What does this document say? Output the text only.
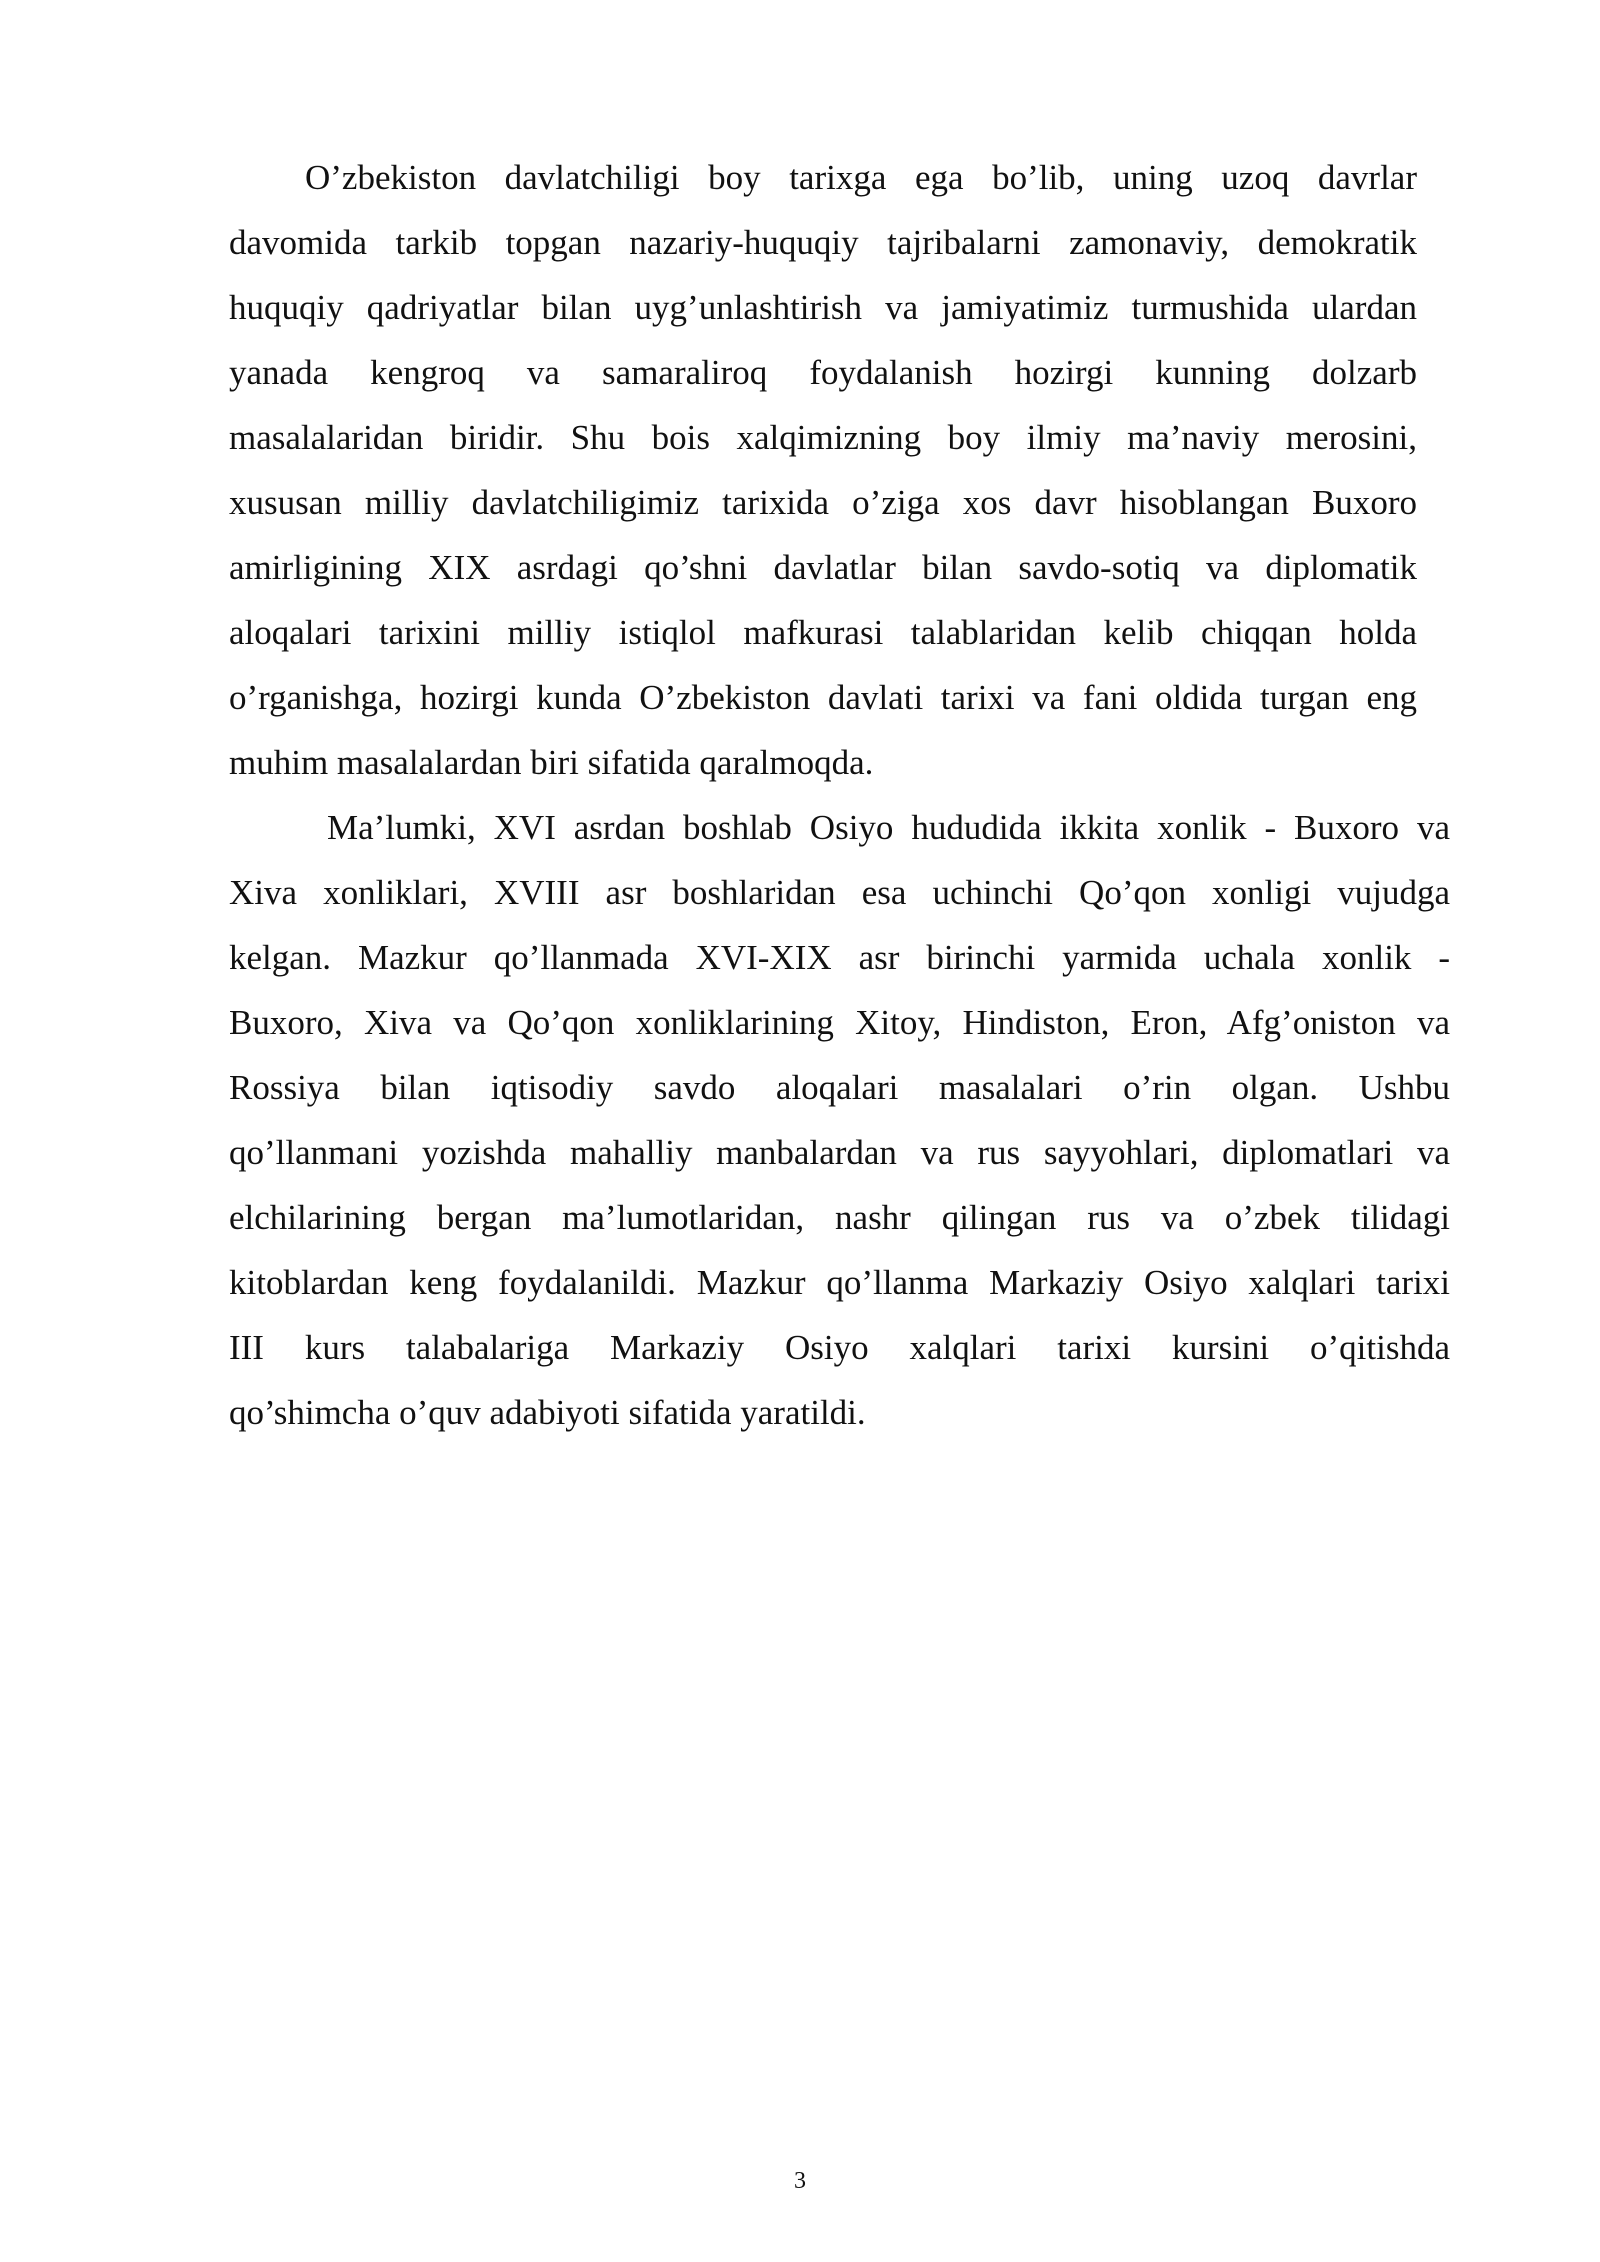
O’zbekiston davlatchiligi boy tarixga ega bo’lib, uning uzoq davrlar
davomida tarkib topgan nazariy-huquqiy tajribalarni zamonaviy, demokratik
huquqiy qadriyatlar bilan uyg’unlashtirish va jamiyatimiz turmushida ulardan
yanada kengroq va samaraliroq foydalanish hozirgi kunning dolzarb
masalalaridan biridir. Shu bois xalqimizning boy ilmiy ma’naviy merosini,
xususan milliy davlatchiligimiz tarixida o’ziga xos davr hisoblangan Buxoro
amirligining XIX asrdagi qo’shni davlatlar bilan savdo-sotiq va diplomatik
aloqalari tarixini milliy istiqlol mafkurasi talablaridan kelib chiqqan holda
o’rganishga, hozirgi kunda O’zbekiston davlati tarixi va fani oldida turgan eng
muhim masalalardan biri sifatida qaralmoqda.
Ma’lumki, XVI asrdan boshlab Osiyo hududida ikkita xonlik - Buxoro va
Xiva xonliklari, XVIII asr boshlaridan esa uchinchi Qo’qon xonligi vujudga
kelgan. Mazkur qo’llanmada XVI-XIX asr birinchi yarmida uchala xonlik -
Buxoro, Xiva va Qo’qon xonliklarining Xitoy, Hindiston, Eron, Afg’oniston va
Rossiya bilan iqtisodiy savdo aloqalari masalalari o’rin olgan. Ushbu
qo’llanmani yozishda mahalliy manbalardan va rus sayyohlari, diplomatlari va
elchilarining bergan ma’lumotlaridan, nashr qilingan rus va o’zbek tilidagi
kitoblardan keng foydalanildi. Mazkur qo’llanma Markaziy Osiyo xalqlari tarixi
III kurs talabalariga Markaziy Osiyo xalqlari tarixi kursini o’qitishda
qo’shimcha o’quv adabiyoti sifatida yaratildi.
3
